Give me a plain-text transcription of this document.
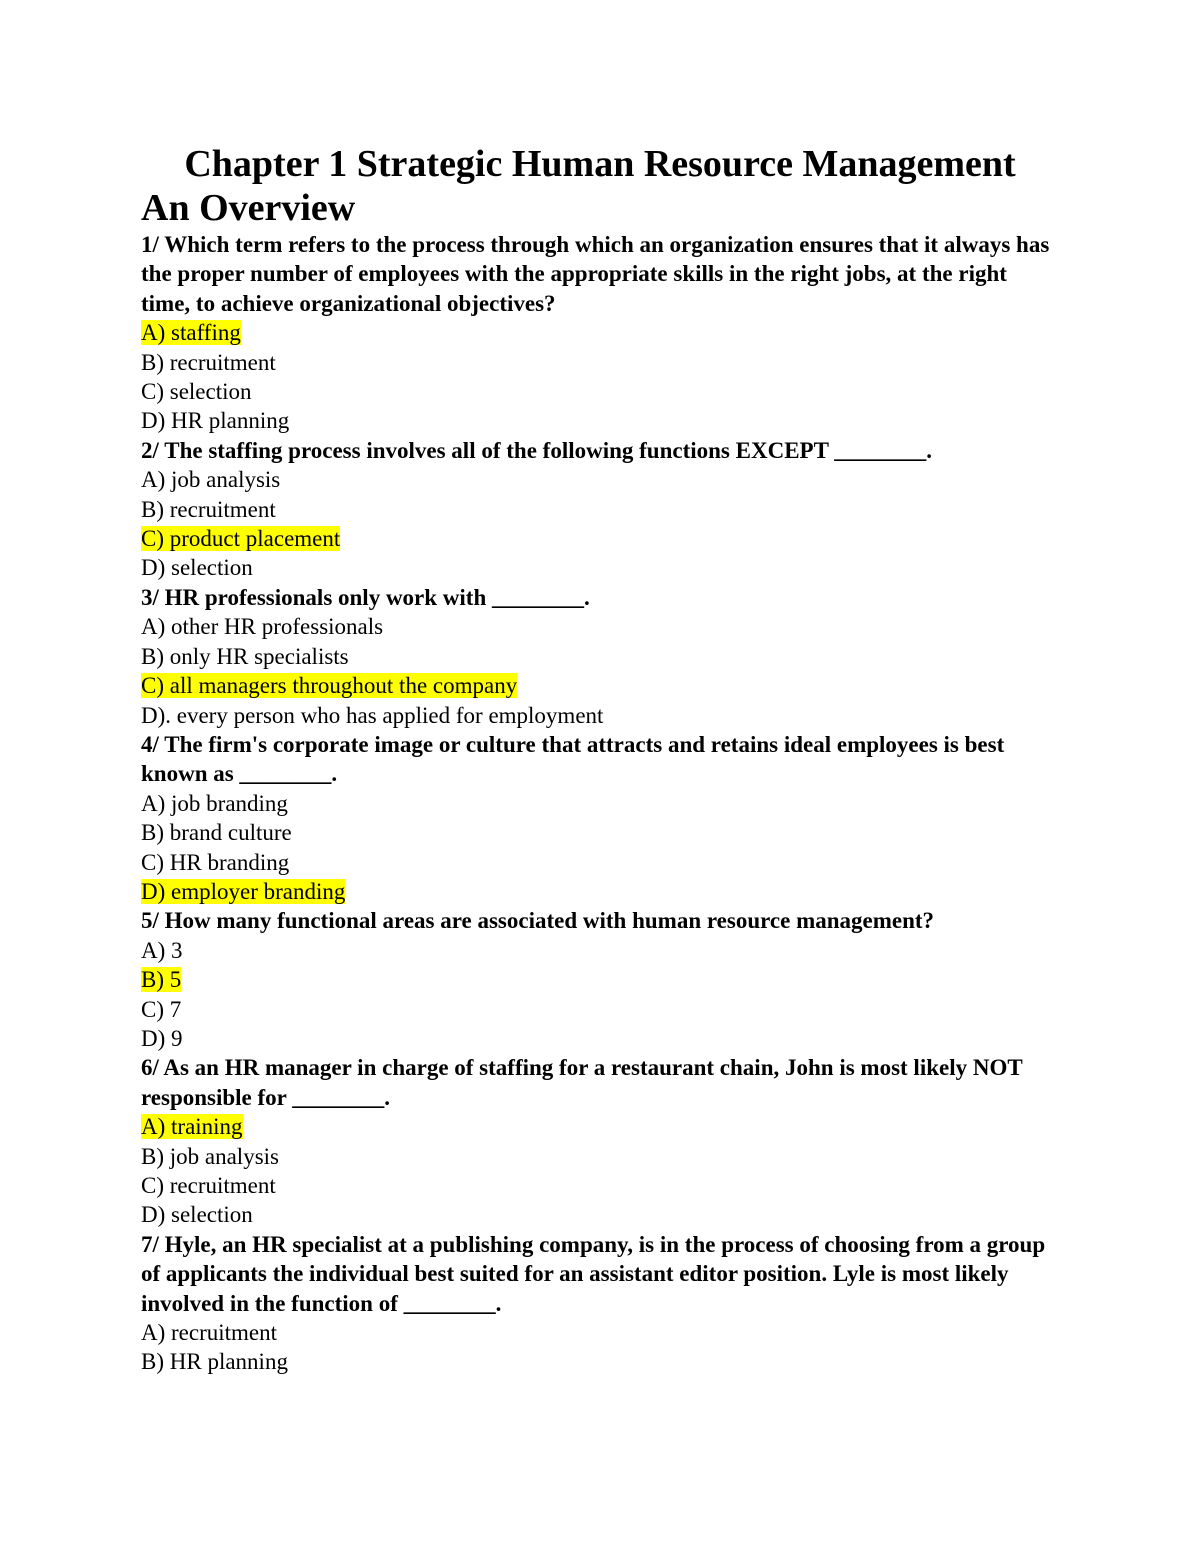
Chapter 1 Strategic Human Resource Management
An Overview

1/ Which term refers to the process through which an organization ensures that it always has the proper number of employees with the appropriate skills in the right jobs, at the right time, to achieve organizational objectives?

A) staffing

B) recruitment

C) selection

D) HR planning

2/ The staffing process involves all of the following functions EXCEPT ________.

A) job analysis

B) recruitment

C) product placement

D) selection

3/ HR professionals only work with ________.

A) other HR professionals

B) only HR specialists

C) all managers throughout the company

D). every person who has applied for employment

4/ The firm's corporate image or culture that attracts and retains ideal employees is best known as ________.

A) job branding

B) brand culture

C) HR branding

D) employer branding

5/ How many functional areas are associated with human resource management?

A) 3

B) 5

C) 7

D) 9

6/ As an HR manager in charge of staffing for a restaurant chain, John is most likely NOT responsible for ________.

A) training

B) job analysis

C) recruitment

D) selection

7/ Hyle, an HR specialist at a publishing company, is in the process of choosing from a group of applicants the individual best suited for an assistant editor position. Lyle is most likely involved in the function of ________.

A) recruitment

B) HR planning
